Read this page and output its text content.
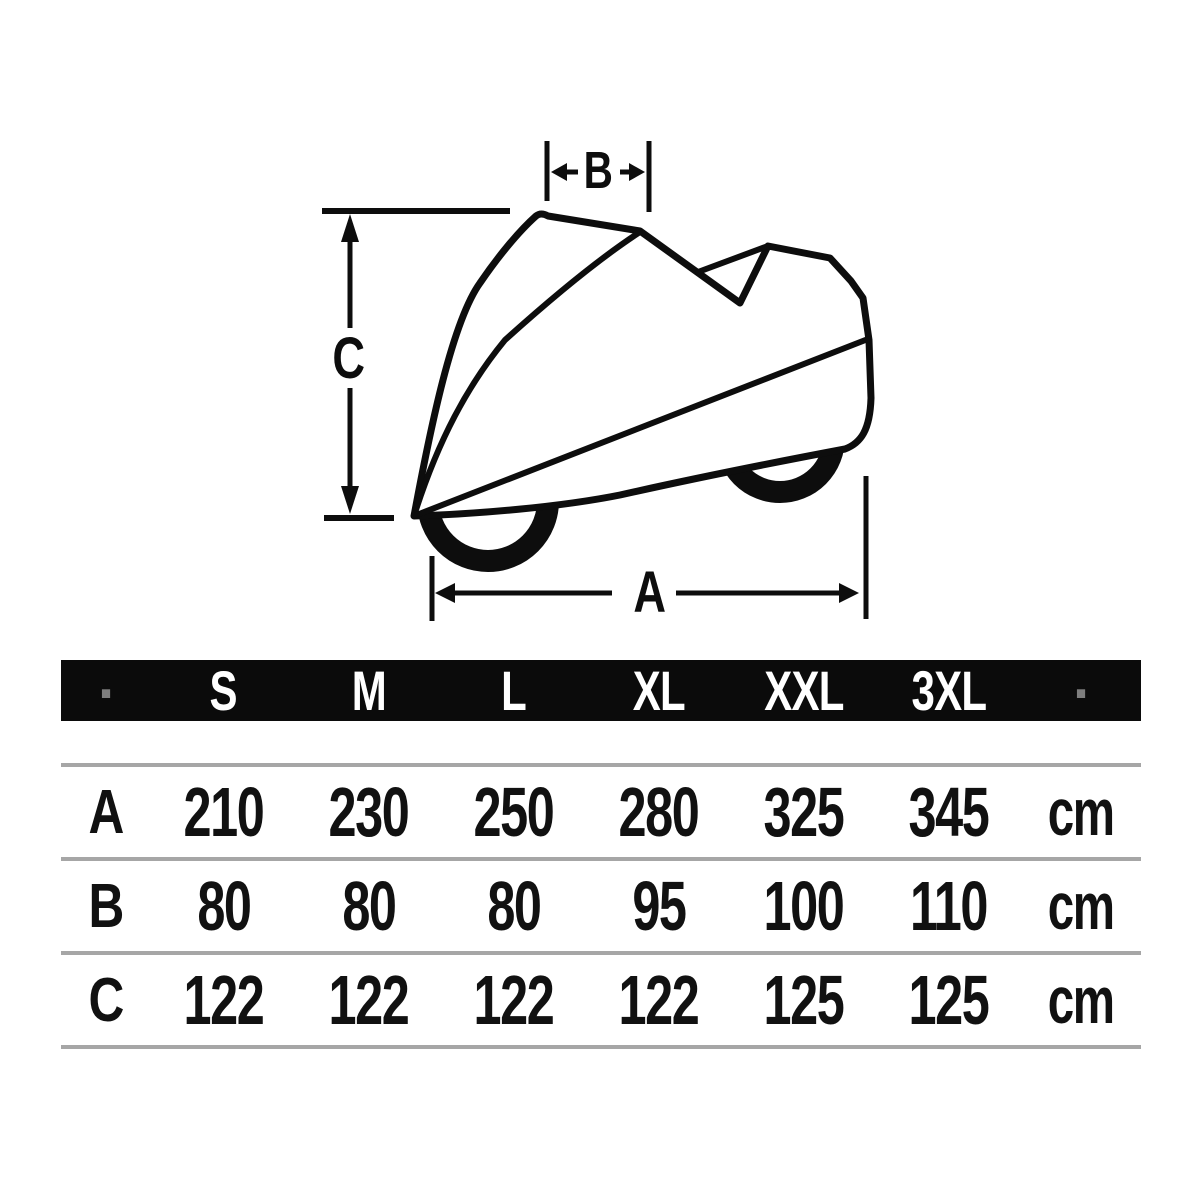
C
B
A
. S M L XL XXL 3XL .
A 210 230 250 280 325 345 cm
B 80 80 80 95 100 110 cm
C 122 122 122 122 125 125 cm
